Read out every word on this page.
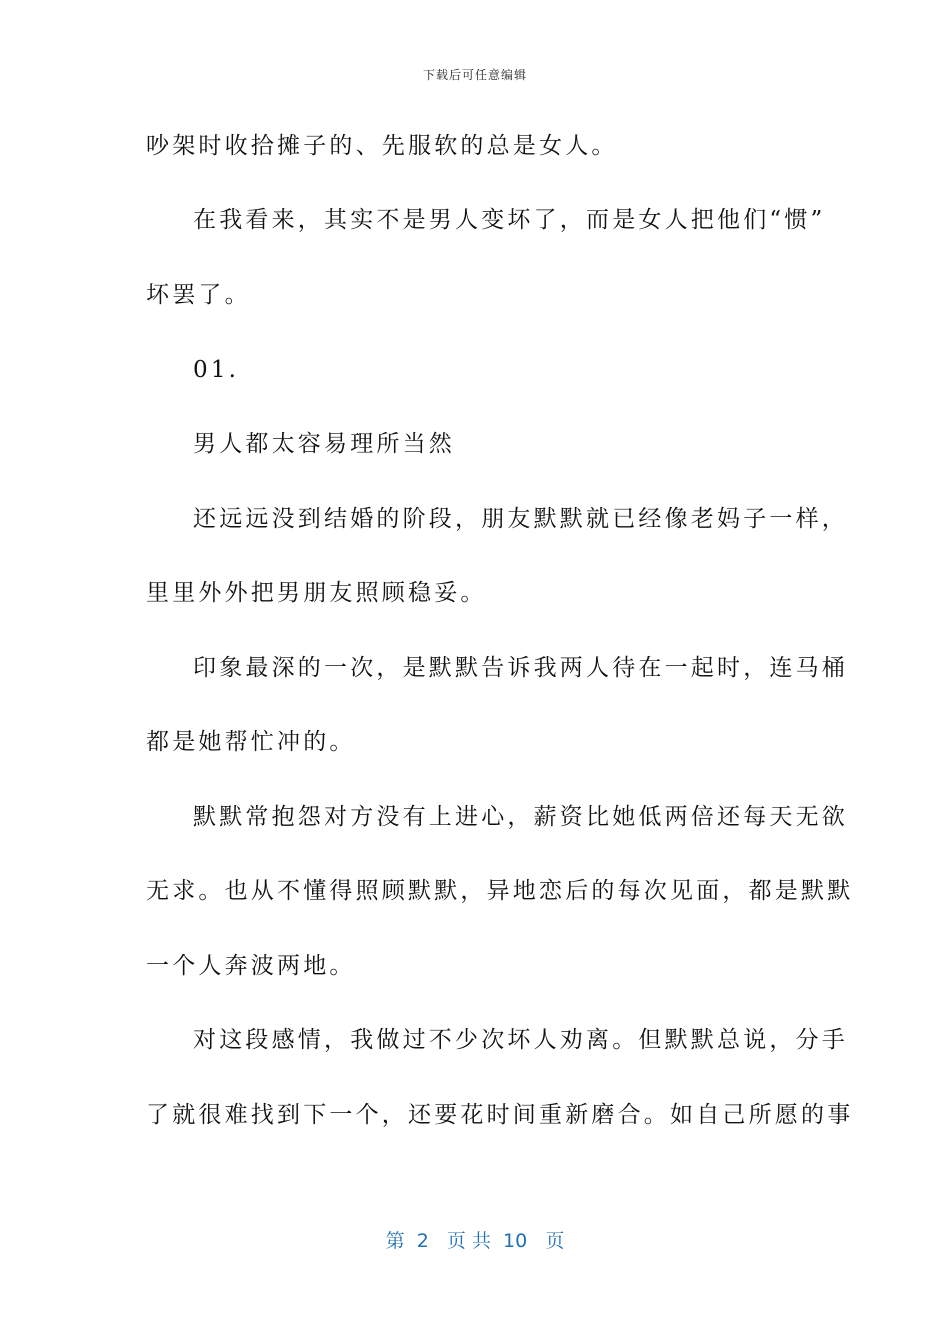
下载后可任意编辑
吵架时收拾摊子的、先服软的总是女人。
在我看来，其实不是男人变坏了，而是女人把他们“惯”
坏罢了。
01.
男人都太容易理所当然
还远远没到结婚的阶段，朋友默默就已经像老妈子一样，
里里外外把男朋友照顾稳妥。
印象最深的一次，是默默告诉我两人待在一起时，连马桶
都是她帮忙冲的。
默默常抱怨对方没有上进心，薪资比她低两倍还每天无欲
无求。也从不懂得照顾默默，异地恋后的每次见面，都是默默
一个人奔波两地。
对这段感情，我做过不少次坏人劝离。但默默总说，分手
了就很难找到下一个，还要花时间重新磨合。如自己所愿的事
第  2   页 共  10   页
